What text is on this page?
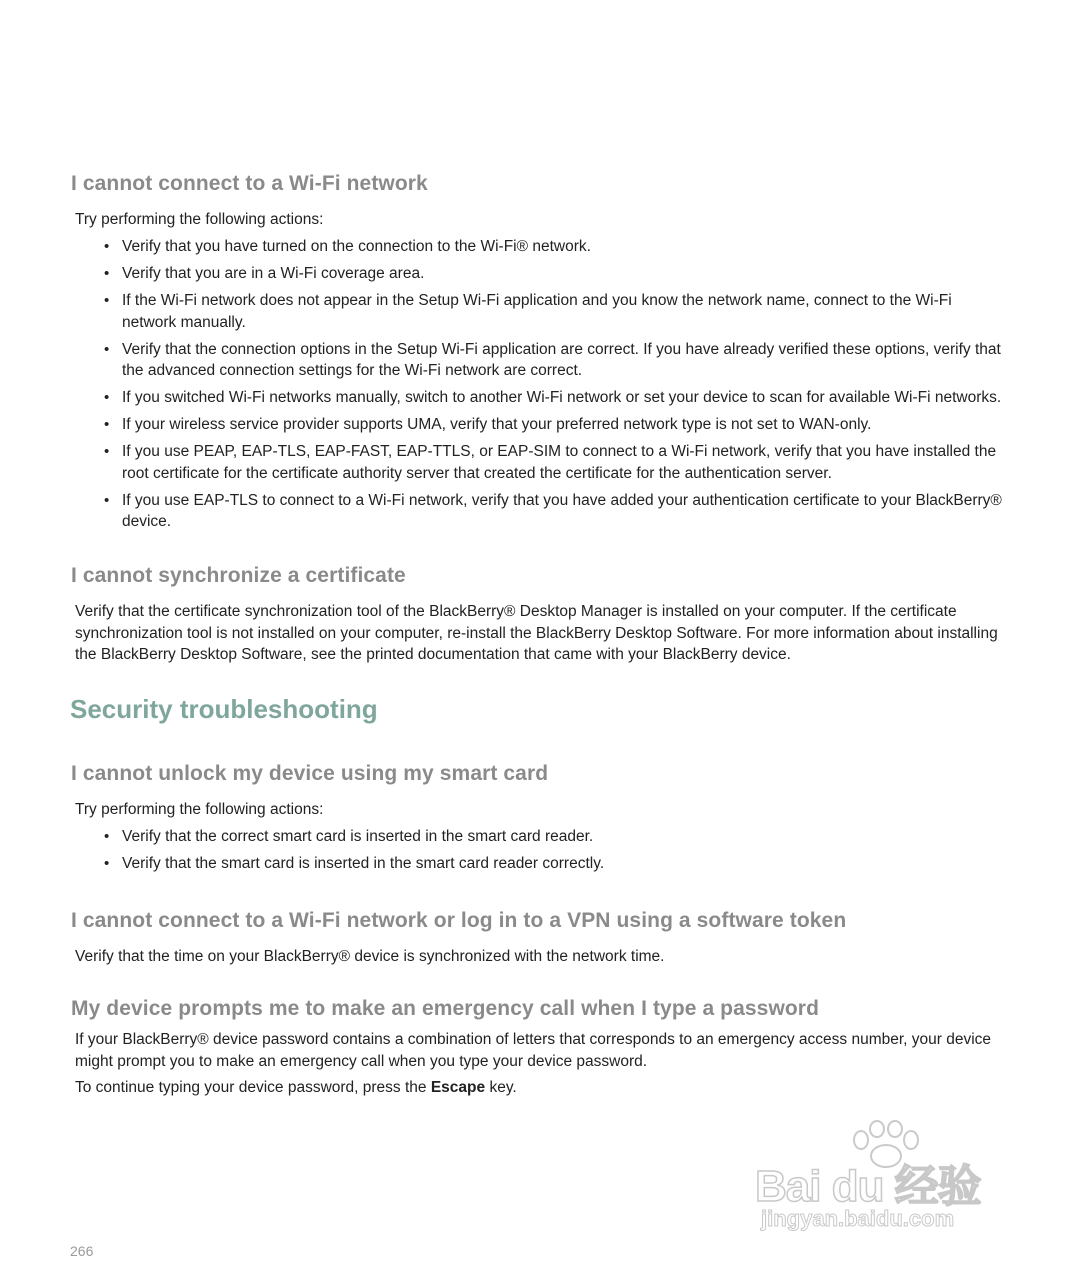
I cannot connect to a Wi-Fi network

Try performing the following actions:

• Verify that you have turned on the connection to the Wi-Fi® network.
• Verify that you are in a Wi-Fi coverage area.
• If the Wi-Fi network does not appear in the Setup Wi-Fi application and you know the network name, connect to the Wi-Fi network manually.
• Verify that the connection options in the Setup Wi-Fi application are correct. If you have already verified these options, verify that the advanced connection settings for the Wi-Fi network are correct.
• If you switched Wi-Fi networks manually, switch to another Wi-Fi network or set your device to scan for available Wi-Fi networks.
• If your wireless service provider supports UMA, verify that your preferred network type is not set to WAN-only.
• If you use PEAP, EAP-TLS, EAP-FAST, EAP-TTLS, or EAP-SIM to connect to a Wi-Fi network, verify that you have installed the root certificate for the certificate authority server that created the certificate for the authentication server.
• If you use EAP-TLS to connect to a Wi-Fi network, verify that you have added your authentication certificate to your BlackBerry® device.
I cannot synchronize a certificate

Verify that the certificate synchronization tool of the BlackBerry® Desktop Manager is installed on your computer. If the certificate synchronization tool is not installed on your computer, re-install the BlackBerry Desktop Software. For more information about installing the BlackBerry Desktop Software, see the printed documentation that came with your BlackBerry device.

Security troubleshooting
I cannot unlock my device using my smart card

Try performing the following actions:

• Verify that the correct smart card is inserted in the smart card reader.
• Verify that the smart card is inserted in the smart card reader correctly.
I cannot connect to a Wi-Fi network or log in to a VPN using a software token

Verify that the time on your BlackBerry® device is synchronized with the network time.

My device prompts me to make an emergency call when I type a password

If your BlackBerry® device password contains a combination of letters that corresponds to an emergency access number, your device might prompt you to make an emergency call when you type your device password.

To continue typing your device password, press the Escape key.

Bai du 经验
jingyan.baidu.com
266
